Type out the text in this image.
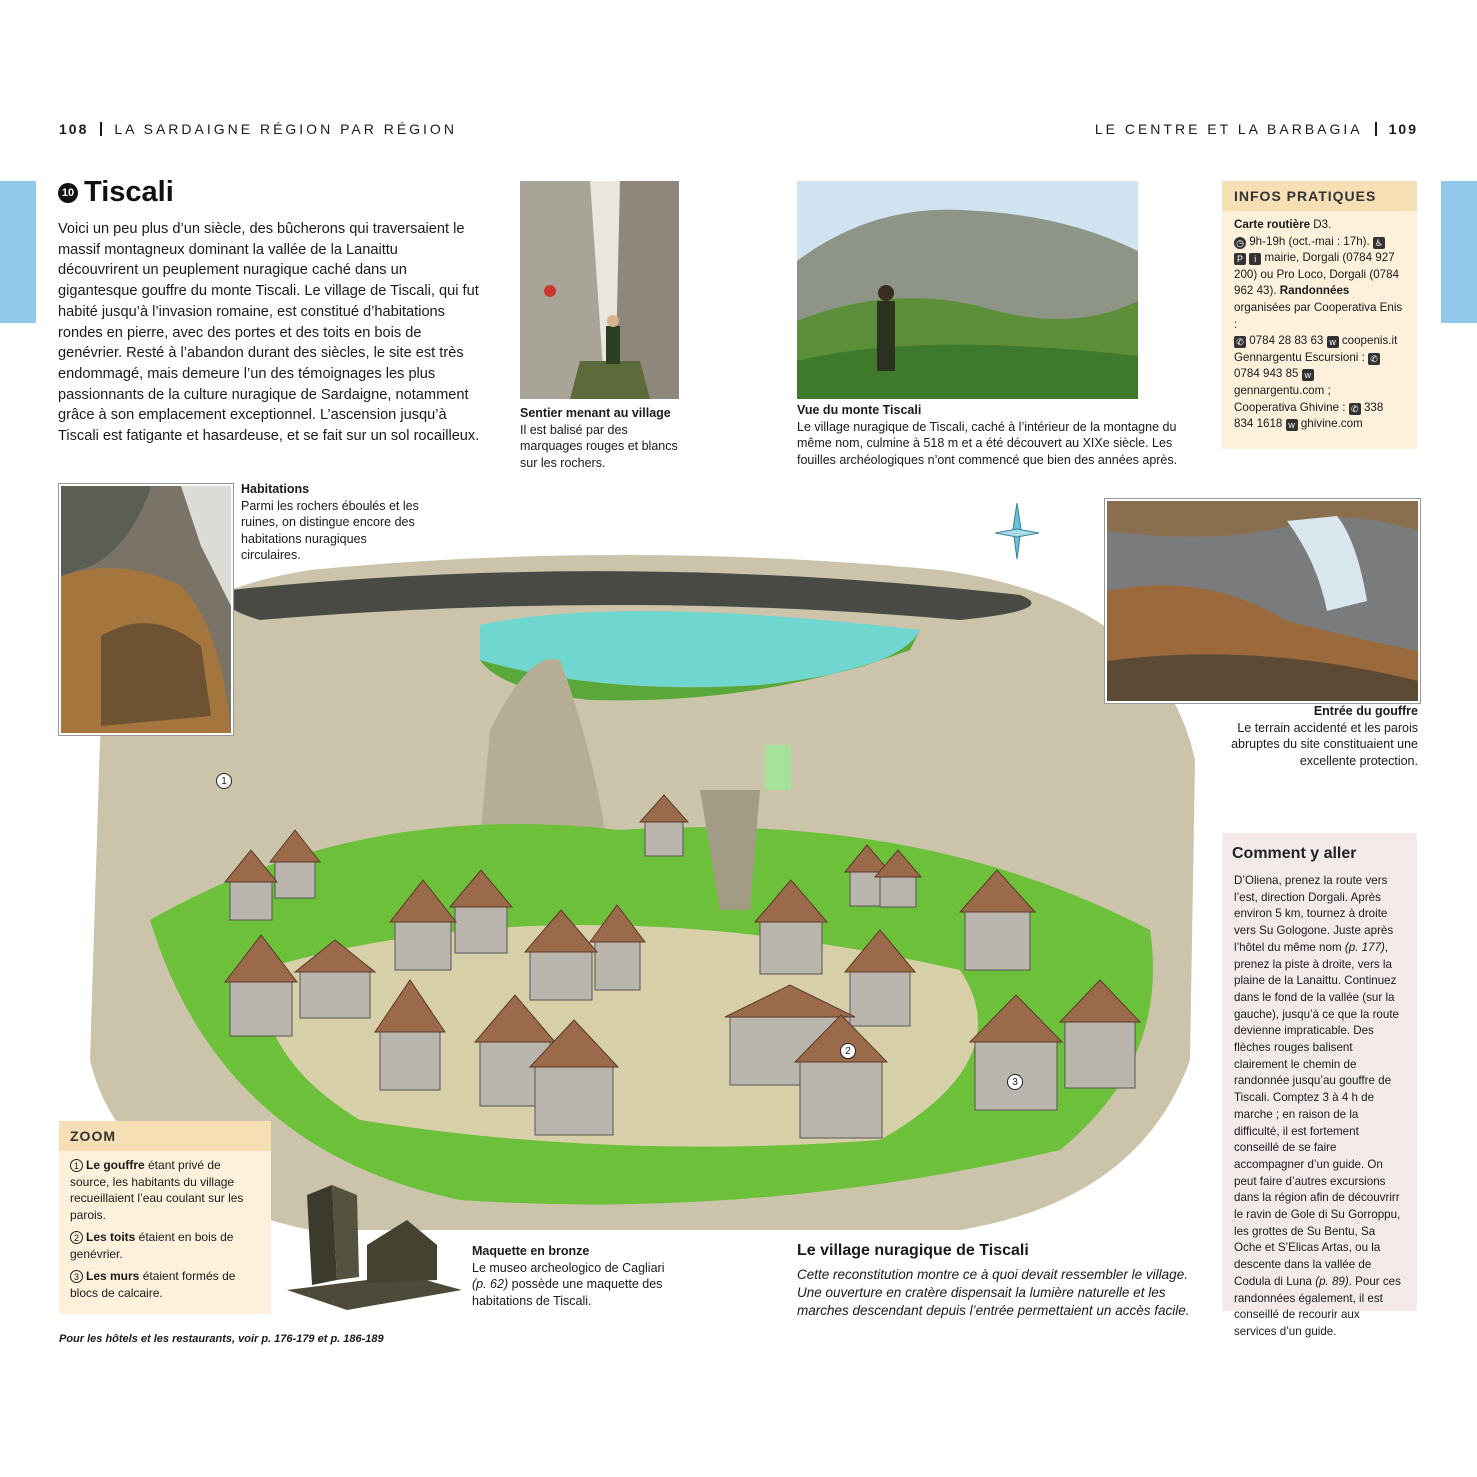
108 LA SARDAIGNE RÉGION PAR RÉGION	LE CENTRE ET LA BARBAGIA 109
10 Tiscali
Voici un peu plus d’un siècle, des bûcherons qui traversaient le massif montagneux dominant la vallée de la Lanaittu découvrirent un peuplement nuragique caché dans un gigantesque gouffre du monte Tiscali. Le village de Tiscali, qui fut habité jusqu’à l’invasion romaine, est constitué d’habitations rondes en pierre, avec des portes et des toits en bois de genévrier. Resté à l’abandon durant des siècles, le site est très endommagé, mais demeure l’un des témoignages les plus passionnants de la culture nuragique de Sardaigne, notamment grâce à son emplacement exceptionnel. L’ascension jusqu’à Tiscali est fatigante et hasardeuse, et se fait sur un sol rocailleux.
Sentier menant au village
Il est balisé par des marquages rouges et blancs sur les rochers.
Vue du monte Tiscali
Le village nuragique de Tiscali, caché à l’intérieur de la montagne du même nom, culmine à 518 m et a été découvert au XIXe siècle. Les fouilles archéologiques n’ont commencé que bien des années après.
INFOS PRATIQUES
Carte routière D3.
◷ 9h-19h (oct.-mai : 17h). ♿
P i mairie, Dorgali (0784 927 200) ou Pro Loco, Dorgali (0784 962 43). Randonnées organisées par Cooperativa Enis :
✆ 0784 28 83 63 w coopenis.it
Gennargentu Escursioni : ✆ 0784 943 85 w gennargentu.com ;
Cooperativa Ghivine : ✆ 338 834 1618 w ghivine.com
1
2
3
Habitations
Parmi les rochers éboulés et les ruines, on distingue encore des habitations nuragiques circulaires.
Entrée du gouffre
Le terrain accidenté et les parois abruptes du site constituaient une excellente protection.
Comment y aller
D’Oliena, prenez la route vers l’est, direction Dorgali. Après environ 5 km, tournez à droite vers Su Gologone. Juste après l’hôtel du même nom (p. 177), prenez la piste à droite, vers la plaine de la Lanaittu. Continuez dans le fond de la vallée (sur la gauche), jusqu’à ce que la route devienne impraticable. Des flèches rouges balisent clairement le chemin de randonnée jusqu’au gouffre de Tiscali. Comptez 3 à 4 h de marche ; en raison de la difficulté, il est fortement conseillé de se faire accompagner d’un guide. On peut faire d’autres excursions dans la région afin de découvrirr le ravin de Gole di Su Gorroppu, les grottes de Su Bentu, Sa Oche et S’Elicas Artas, ou la descente dans la vallée de Codula di Luna (p. 89). Pour ces randonnées également, il est conseillé de recourir aux services d’un guide.
ZOOM
1 Le gouffre étant privé de source, les habitants du village recueillaient l’eau coulant sur les parois.
2 Les toits étaient en bois de genévrier.
3 Les murs étaient formés de blocs de calcaire.
Maquette en bronze
Le museo archeologico de Cagliari (p. 62) possède une maquette des habitations de Tiscali.
Le village nuragique de Tiscali
Cette reconstitution montre ce à quoi devait ressembler le village. Une ouverture en cratère dispensait la lumière naturelle et les marches descendant depuis l’entrée permettaient un accès facile.
Pour les hôtels et les restaurants, voir p. 176-179 et p. 186-189
